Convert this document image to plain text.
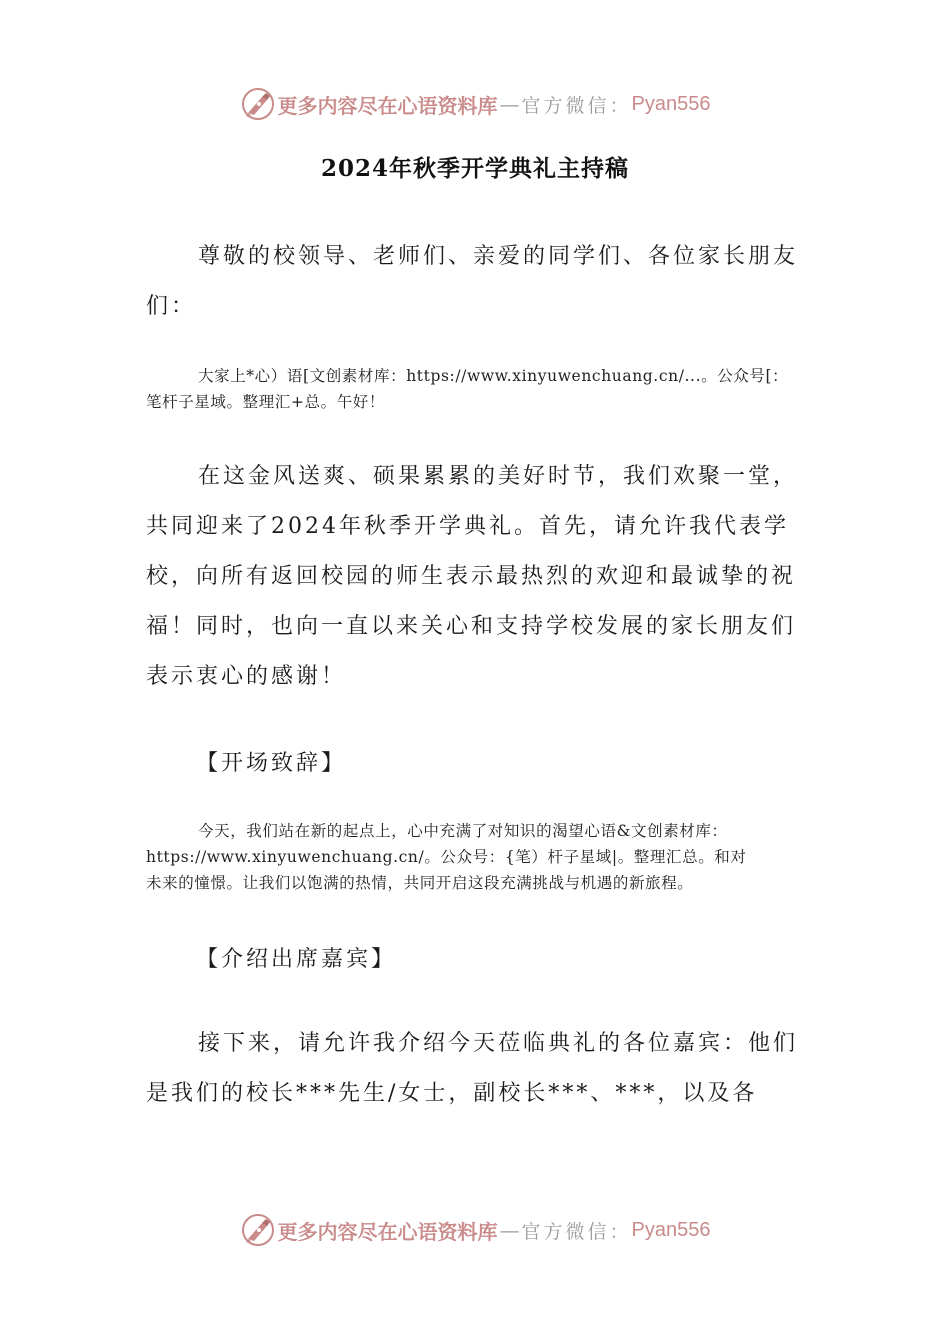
更多内容尽在心语资料库 — 官方微信： Pyan556
2024年秋季开学典礼主持稿
尊敬的校领导、老师们、亲爱的同学们、各位家长朋友们：
大家上*心）语[文创素材库：https://www.xinyuwenchuang.cn/...。公众号[：
笔杆子星域。整理汇+总。午好！
在这金风送爽、硕果累累的美好时节，我们欢聚一堂，共同迎来了2024年秋季开学典礼。首先，请允许我代表学校，向所有返回校园的师生表示最热烈的欢迎和最诚挚的祝福！同时，也向一直以来关心和支持学校发展的家长朋友们表示衷心的感谢！
【开场致辞】
今天，我们站在新的起点上，心中充满了对知识的渴望心语&文创素材库：
https://www.xinyuwenchuang.cn/。公众号：{笔）杆子星域|。整理汇总。和对
未来的憧憬。让我们以饱满的热情，共同开启这段充满挑战与机遇的新旅程。
【介绍出席嘉宾】
接下来，请允许我介绍今天莅临典礼的各位嘉宾：他们是我们的校长***先生/女士，副校长***、***，以及各
更多内容尽在心语资料库 — 官方微信： Pyan556
